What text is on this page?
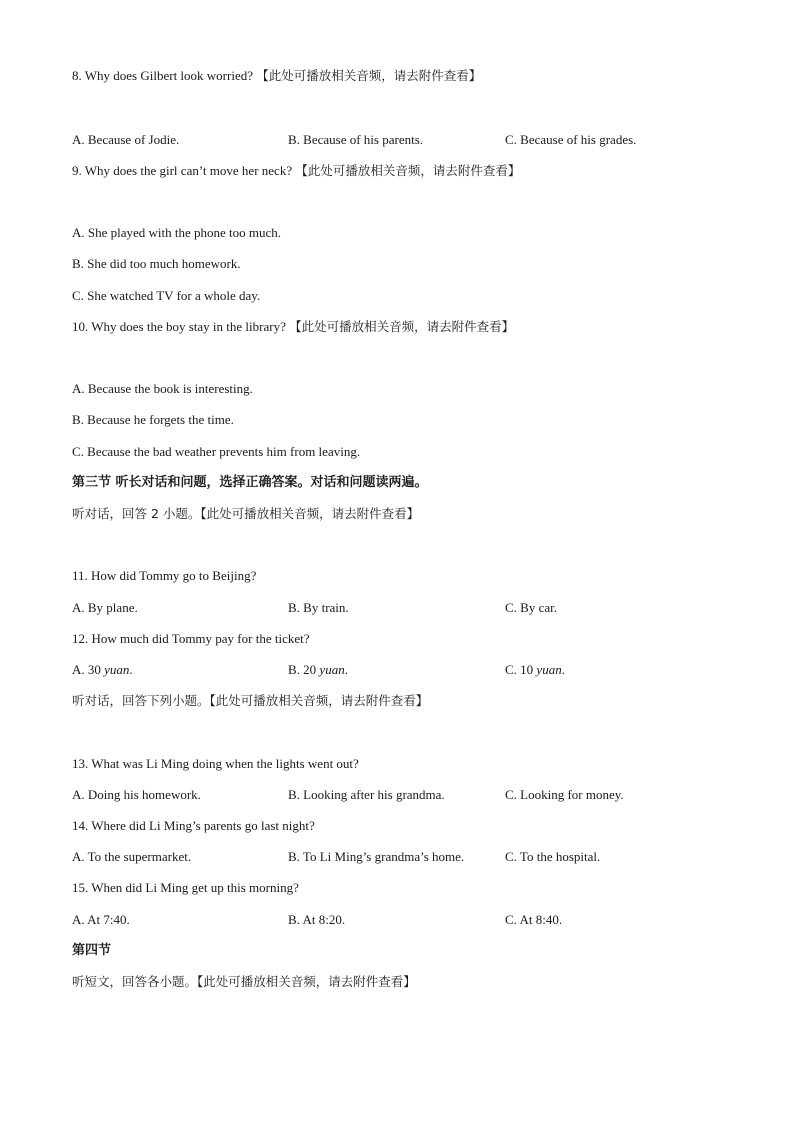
8. Why does Gilbert look worried? 【此处可播放相关音频，请去附件查看】
A. Because of Jodie.	B. Because of his parents.	C. Because of his grades.
9. Why does the girl can’t move her neck? 【此处可播放相关音频，请去附件查看】
A. She played with the phone too much.
B. She did too much homework.
C. She watched TV for a whole day.
10. Why does the boy stay in the library? 【此处可播放相关音频，请去附件查看】
A. Because the book is interesting.
B. Because he forgets the time.
C. Because the bad weather prevents him from leaving.
第三节 听长对话和问题，选择正确答案。对话和问题读两遍。
听对话，回答 2 小题。【此处可播放相关音频，请去附件查看】
11. How did Tommy go to Beijing?
A. By plane.	B. By train.	C. By car.
12. How much did Tommy pay for the ticket?
A. 30 yuan.	B. 20 yuan.	C. 10 yuan.
听对话，回答下列小题。【此处可播放相关音频，请去附件查看】
13. What was Li Ming doing when the lights went out?
A. Doing his homework.	B. Looking after his grandma.	C. Looking for money.
14. Where did Li Ming’s parents go last night?
A. To the supermarket.	B. To Li Ming’s grandma’s home.	C. To the hospital.
15. When did Li Ming get up this morning?
A. At 7:40.	B. At 8:20.	C. At 8:40.
第四节
听短文，回答各小题。【此处可播放相关音频，请去附件查看】
